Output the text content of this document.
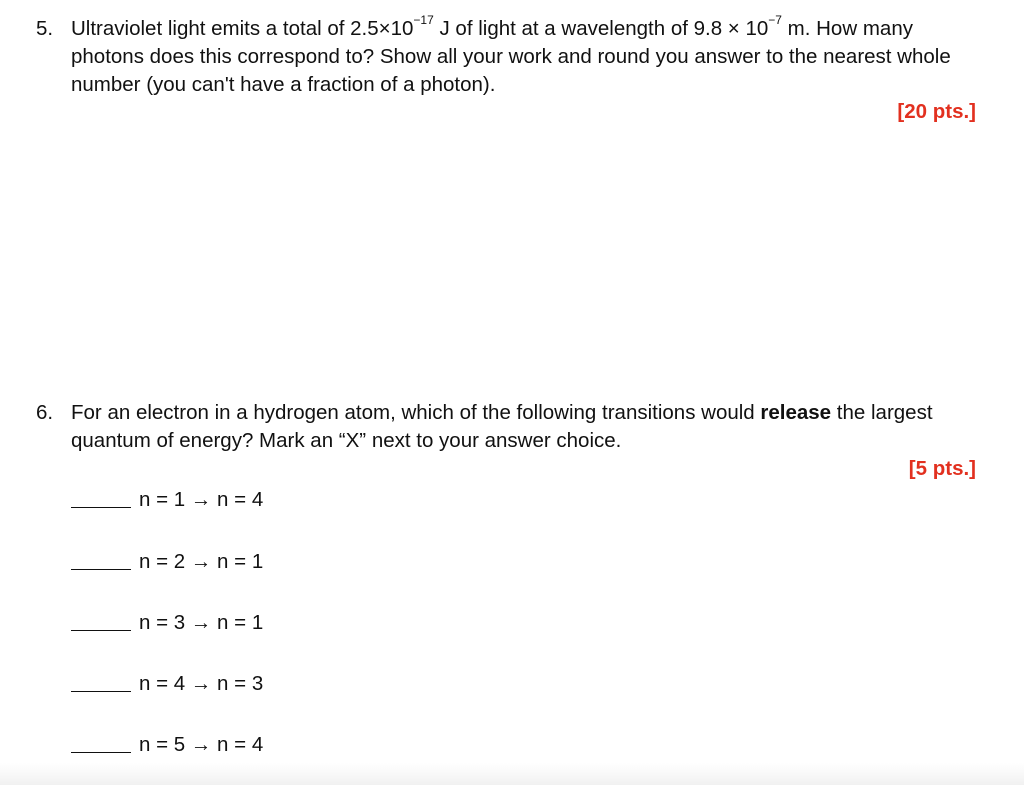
5. Ultraviolet light emits a total of $2.5\times 10^{-17}$ J of light at a wavelength of $9.8 \times 10^{-7}$ m. How many photons does this correspond to? Show all your work and round you answer to the nearest whole number (you can't have a fraction of a photon).
[20 pts.]
6. For an electron in a hydrogen atom, which of the following transitions would release the largest quantum of energy? Mark an “X” next to your answer choice.
[5 pts.]
n = 1 → n = 4
n = 2 → n = 1
n = 3 → n = 1
n = 4 → n = 3
n = 5 → n = 4
